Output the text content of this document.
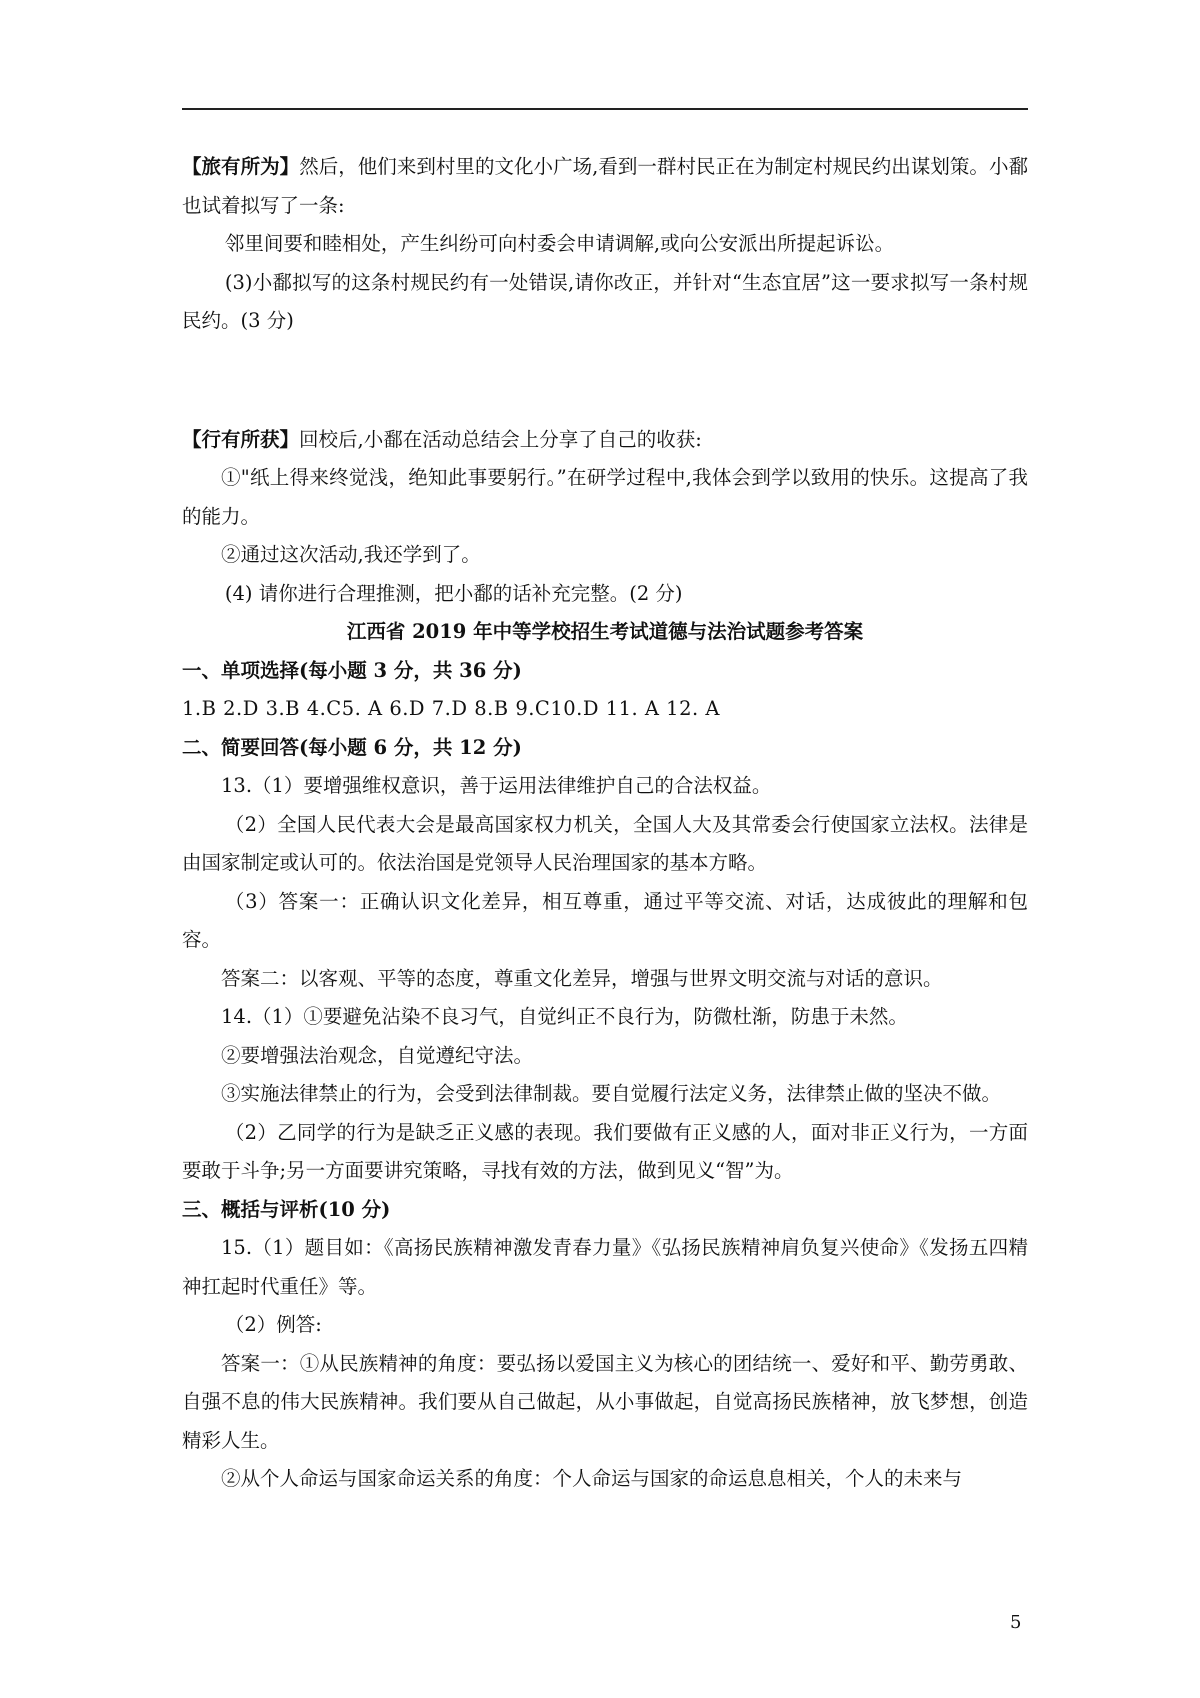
【旅有所为】然后，他们来到村里的文化小广场,看到一群村民正在为制定村规民约出谋划策。小鄱也试着拟写了一条:

邻里间要和睦相处，产生纠纷可向村委会申请调解,或向公安派出所提起诉讼。

(3)小鄱拟写的这条村规民约有一处错误,请你改正，并针对“生态宜居”这一要求拟写一条村规民约。(3 分)

【行有所获】回校后,小鄱在活动总结会上分享了自己的收获:

①"纸上得来终觉浅，绝知此事要躬行。”在研学过程中,我体会到学以致用的快乐。这提高了我的能力。

②通过这次活动,我还学到了。

(4) 请你进行合理推测，把小鄱的话补充完整。(2 分)

江西省 2019 年中等学校招生考试道德与法治试题参考答案

一、单项选择(每小题 3 分，共 36 分)

1.B 2.D 3.B 4.C5. A 6.D 7.D 8.B 9.C10.D 11. A 12. A

二、简要回答(每小题 6 分，共 12 分)

13.（1）要增强维权意识，善于运用法律维护自己的合法权益。

（2）全国人民代表大会是最高国家权力机关，全国人大及其常委会行使国家立法权。法律是由国家制定或认可的。依法治国是党领导人民治理国家的基本方略。

（3）答案一：正确认识文化差异，相互尊重，通过平等交流、对话，达成彼此的理解和包容。

答案二：以客观、平等的态度，尊重文化差异，增强与世界文明交流与对话的意识。

14.（1）①要避免沾染不良习气，自觉纠正不良行为，防微杜渐，防患于未然。

②要增强法治观念，自觉遵纪守法。

③实施法律禁止的行为，会受到法律制裁。要自觉履行法定义务，法律禁止做的坚决不做。

（2）乙同学的行为是缺乏正义感的表现。我们要做有正义感的人，面对非正义行为，一方面要敢于斗争;另一方面要讲究策略，寻找有效的方法，做到见义“智”为。

三、概括与评析(10 分)

15.（1）题目如：《高扬民族精神激发青春力量》《弘扬民族精神肩负复兴使命》《发扬五四精神扛起时代重任》等。

（2）例答:

答案一：①从民族精神的角度：要弘扬以爱国主义为核心的团结统一、爱好和平、勤劳勇敢、自强不息的伟大民族精神。我们要从自己做起，从小事做起，自觉高扬民族楮神，放飞梦想，创造精彩人生。

②从个人命运与国家命运关系的角度：个人命运与国家的命运息息相关，个人的未来与

5
